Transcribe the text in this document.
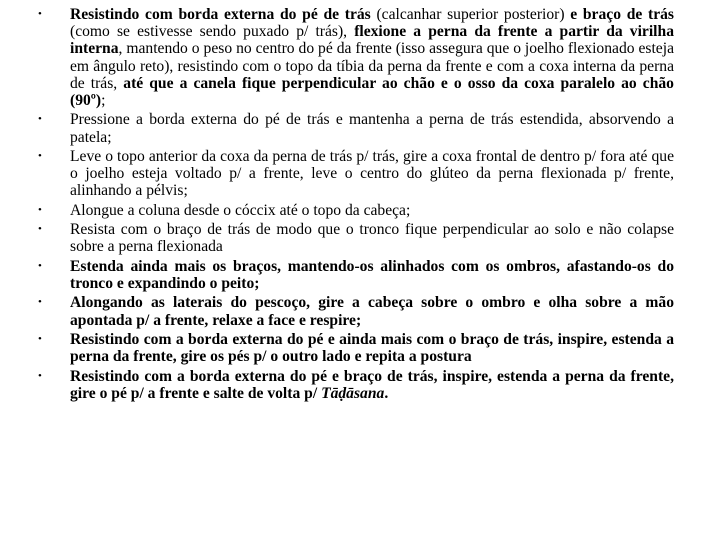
•	Resistindo com borda externa do pé de trás (calcanhar superior posterior) e braço de trás (como se estivesse sendo puxado p/ trás), flexione a perna da frente a partir da virilha interna, mantendo o peso no centro do pé da frente (isso assegura que o joelho flexionado esteja em ângulo reto), resistindo com o topo da tíbia da perna da frente e com a coxa interna da perna de trás, até que a canela fique perpendicular ao chão e o osso da coxa paralelo ao chão (90º);
•	Pressione a borda externa do pé de trás e mantenha a perna de trás estendida, absorvendo a patela;
•	Leve o topo anterior da coxa da perna de trás p/ trás, gire a coxa frontal de dentro p/ fora até que o joelho esteja voltado p/ a frente, leve o centro do glúteo da perna flexionada p/ frente, alinhando a pélvis;
•	Alongue a coluna desde o cóccix até o topo da cabeça;
•	Resista com o braço de trás de modo que o tronco fique perpendicular ao solo e não colapse sobre a perna flexionada
•	Estenda ainda mais os braços, mantendo-os alinhados com os ombros, afastando-os do tronco e expandindo o peito;
•	Alongando as laterais do pescoço, gire a cabeça sobre o ombro e olha sobre a mão apontada p/ a frente, relaxe a face e respire;
•	Resistindo com a borda externa do pé e ainda mais com o braço de trás, inspire, estenda a perna da frente, gire os pés p/ o outro lado e repita a postura
•	Resistindo com a borda externa do pé e braço de trás, inspire, estenda a perna da frente, gire o pé p/ a frente e salte de volta p/ Tāḍāsana.
